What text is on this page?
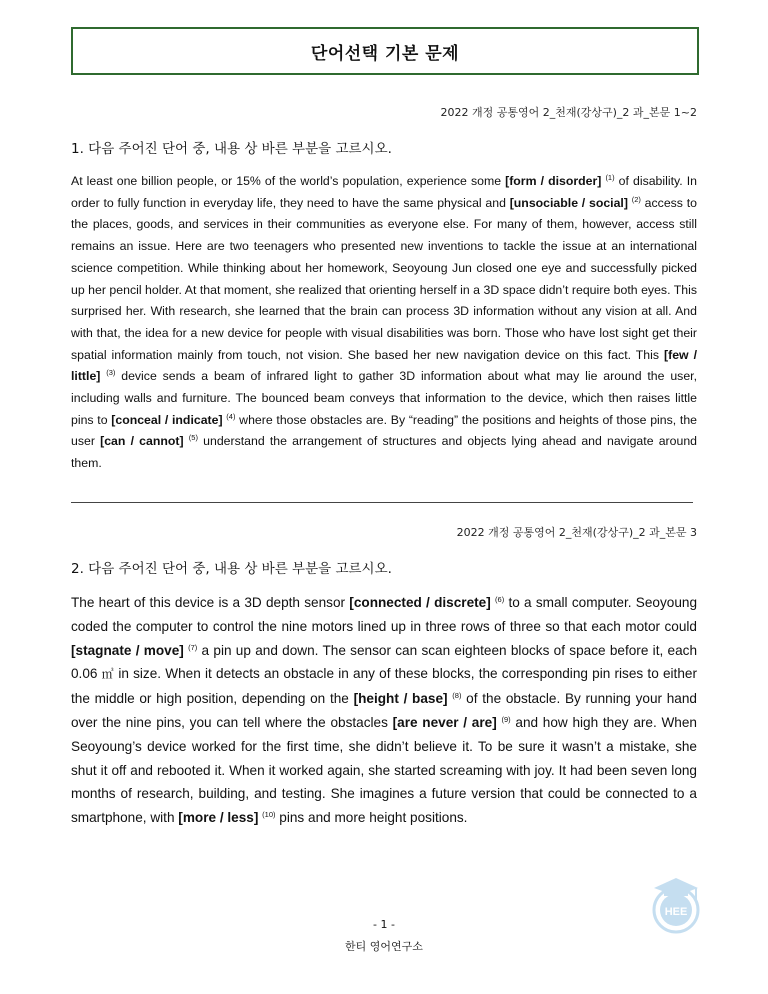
단어선택 기본 문제
2022 개정 공통영어 2_천재(강상구)_2 과_본문 1~2
1. 다음 주어진 단어 중, 내용 상 바른 부분을 고르시오.

At least one billion people, or 15% of the world’s population, experience some [form / disorder] $^{(1)}$ of disability. In order to fully function in everyday life, they need to have the same physical and [unsociable / social] $^{(2)}$ access to the places, goods, and services in their communities as everyone else. For many of them, however, access still remains an issue. Here are two teenagers who presented new inventions to tackle the issue at an international science competition. While thinking about her homework, Seoyoung Jun closed one eye and successfully picked up her pencil holder. At that moment, she realized that orienting herself in a 3D space didn’t require both eyes. This surprised her. With research, she learned that the brain can process 3D information without any vision at all. And with that, the idea for a new device for people with visual disabilities was born. Those who have lost sight get their spatial information mainly from touch, not vision. She based her new navigation device on this fact. This [few / little] $^{(3)}$ device sends a beam of infrared light to gather 3D information about what may lie around the user, including walls and furniture. The bounced beam conveys that information to the device, which then raises little pins to [conceal / indicate] $^{(4)}$ where those obstacles are. By “reading” the positions and heights of those pins, the user [can / cannot] $^{(5)}$ understand the arrangement of structures and objects lying ahead and navigate around them.

2022 개정 공통영어 2_천재(강상구)_2 과_본문 3
2. 다음 주어진 단어 중, 내용 상 바른 부분을 고르시오.

The heart of this device is a 3D depth sensor [connected / discrete] $^{(6)}$ to a small computer. Seoyoung coded the computer to control the nine motors lined up in three rows of three so that each motor could [stagnate / move] $^{(7)}$ a pin up and down. The sensor can scan eighteen blocks of space before it, each 0.06 ㎥ in size. When it detects an obstacle in any of these blocks, the corresponding pin rises to either the middle or high position, depending on the [height / base] $^{(8)}$ of the obstacle. By running your hand over the nine pins, you can tell where the obstacles [are never / are] $^{(9)}$ and how high they are. When Seoyoung’s device worked for the first time, she didn’t believe it. To be sure it wasn’t a mistake, she shut it off and rebooted it. When it worked again, she started screaming with joy. It had been seven long months of research, building, and testing. She imagines a future version that could be connected to a smartphone, with [more / less] $^{(10)}$ pins and more height positions.

- 1 -
한티 영어연구소
HEE
